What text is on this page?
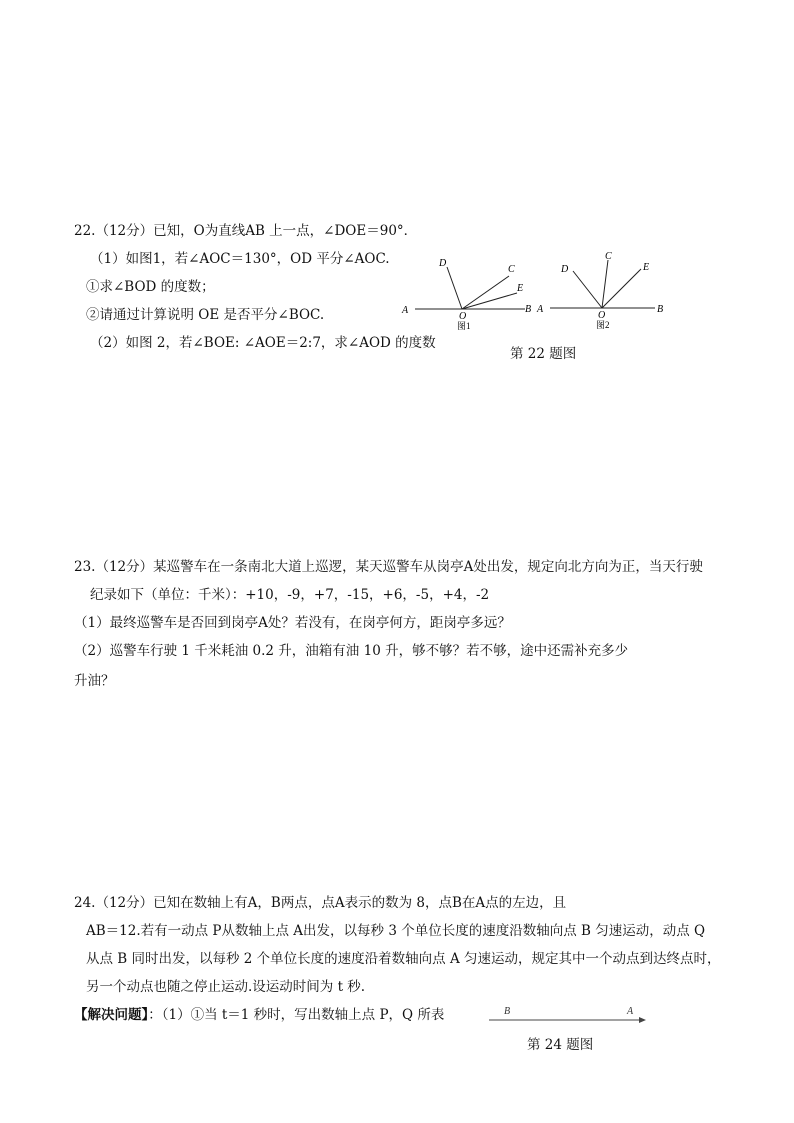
22.（12分）已知，O为直线AB 上一点，∠DOE＝90°．
（1）如图1，若∠AOC＝130°，OD 平分∠AOC.
①求∠BOD 的度数；
②请通过计算说明 OE 是否平分∠BOC.
（2）如图 2，若∠BOE: ∠AOE＝2:7，求∠AOD 的度数
A	B
C
D
E
O
图1
A	B
C
D	E
O
图2
第 22 题图
23.（12分）某巡警车在一条南北大道上巡逻，某天巡警车从岗亭A处出发，规定向北方向为正，当天行驶
纪录如下（单位：千米）：+10，-9，+7，-15，+6，-5，+4，-2
（1）最终巡警车是否回到岗亭A处？若没有，在岗亭何方，距岗亭多远？
（2）巡警车行驶 1 千米耗油 0.2 升，油箱有油 10 升，够不够？若不够，途中还需补充多少
升油？
24.（12分）已知在数轴上有A，B两点，点A表示的数为 8，点B在A点的左边，且
AB＝12.若有一动点 P从数轴上点 A出发，以每秒 3 个单位长度的速度沿数轴向点 B 匀速运动，动点 Q
从点 B 同时出发，以每秒 2 个单位长度的速度沿着数轴向点 A 匀速运动，规定其中一个动点到达终点时，
另一个动点也随之停止运动.设运动时间为 t 秒.
【解决问题】：（1）①当 t＝1 秒时，写出数轴上点 P，Q 所表	B	A
第 24 题图
